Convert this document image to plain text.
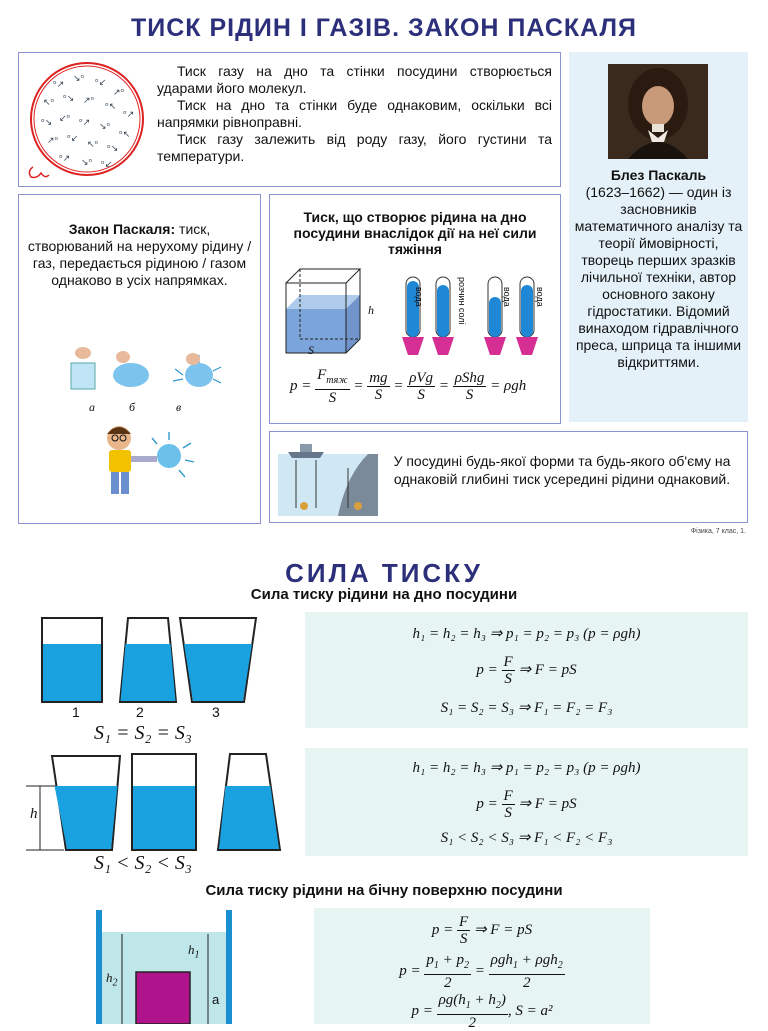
ТИСК РІДИН І ГАЗІВ. ЗАКОН ПАСКАЛЯ
ᵒ↗
↘ᵒ ᵒ↙
↗ᵒ
↖ᵒ ᵒ↘ ↗ᵒ
ᵒ↖
ᵒ↗
ᵒ↘ ↙ᵒ ᵒ↗ ↘ᵒ
ᵒ↖
↗ᵒ ᵒ↙
↖ᵒ ᵒ↘
ᵒ↗ ↘ᵒ ᵒ↙
Тиск газу на дно та стінки посудини створюється ударами його молекул.
Тиск на дно та стінки буде однаковим, оскільки всі напрямки рівноправні.
Тиск газу залежить від роду газу, його густини та температури.
Блез Паскаль
(1623–1662) — один із засновників математичного аналізу та теорії ймовірності, творець перших зразків лічильної техніки, автор основного закону гідростатики. Відомий винаходом гідравлічного преса, шприца та іншими відкриттями.
Закон Паскаля: тиск, створюваний на нерухому рідину / газ, передається рідиною / газом однаково в усіх напрямках.
а	б	в
Тиск, що створює рідина на дно посудини внаслідок дії на неї сили тяжіння
h
S
вода	розчин солі	вода	вода
$p = \frac{F_{тяж}}{S} = \frac{mg}{S} = \frac{\text{ρVg}}{S} = \frac{\text{ρShg}}{S} = \rho gh$
У посудині будь-якої форми та будь-якого об'єму на однаковій глибині тиск усередині рідини однаковий.
Фізика, 7 клас, 1.
СИЛА ТИСКУ
Сила тиску рідини на дно посудини
1	2	3
S₁ = S₂ = S₃
h₁ = h₂ = h₃ ⇒ p₁ = p₂ = p₃ (p = ρgh)
$p = \frac{F}{S}$ ⇒ F = pS
S₁ = S₂ = S₃ ⇒ F₁ = F₂ = F₃
h
S₁ < S₂ < S₃
h₁ = h₂ = h₃ ⇒ p₁ = p₂ = p₃ (p = ρgh)
$p = \frac{F}{S}$ ⇒ F = pS
S₁ < S₂ < S₃ ⇒ F₁ < F₂ < F₃
Сила тиску рідини на бічну поверхню посудини
$h_2$
$h_1$
a
$p = \frac{F}{S}$ ⇒ F = pS
$p = \frac{p_1 + p_2}{2} = \frac{\rho gh_1 + \rho gh_2}{2}$
$p = \frac{\rho g(h_1 + h_2)}{2}$ , S = a²
